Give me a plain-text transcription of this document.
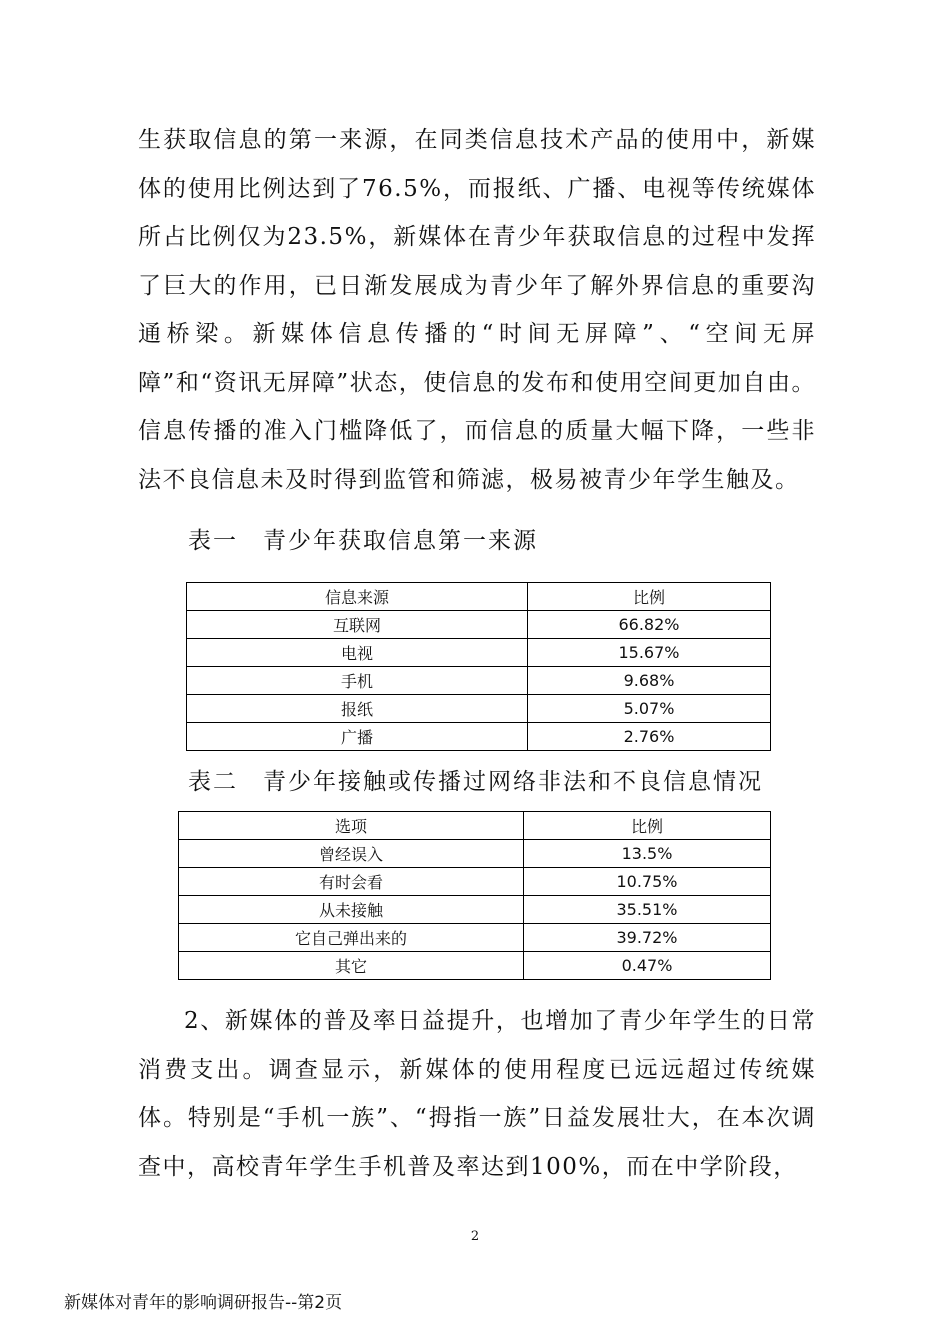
生获取信息的第一来源，在同类信息技术产品的使用中，新媒体的使用比例达到了76.5%，而报纸、广播、电视等传统媒体所占比例仅为23.5%，新媒体在青少年获取信息的过程中发挥了巨大的作用，已日渐发展成为青少年了解外界信息的重要沟通桥梁。新媒体信息传播的“时间无屏障”、“空间无屏障”和“资讯无屏障”状态，使信息的发布和使用空间更加自由。信息传播的准入门槛降低了，而信息的质量大幅下降，一些非法不良信息未及时得到监管和筛滤，极易被青少年学生触及。

表一　青少年获取信息第一来源

信息来源	比例
互联网	66.82%
电视	15.67%
手机	9.68%
报纸	5.07%
广播	2.76%

表二　青少年接触或传播过网络非法和不良信息情况

选项	比例
曾经误入	13.5%
有时会看	10.75%
从未接触	35.51%
它自己弹出来的	39.72%
其它	0.47%

2、新媒体的普及率日益提升，也增加了青少年学生的日常消费支出。调查显示，新媒体的使用程度已远远超过传统媒体。特别是“手机一族”、“拇指一族”日益发展壮大，在本次调查中，高校青年学生手机普及率达到100%，而在中学阶段，

2
新媒体对青年的影响调研报告--第2页
